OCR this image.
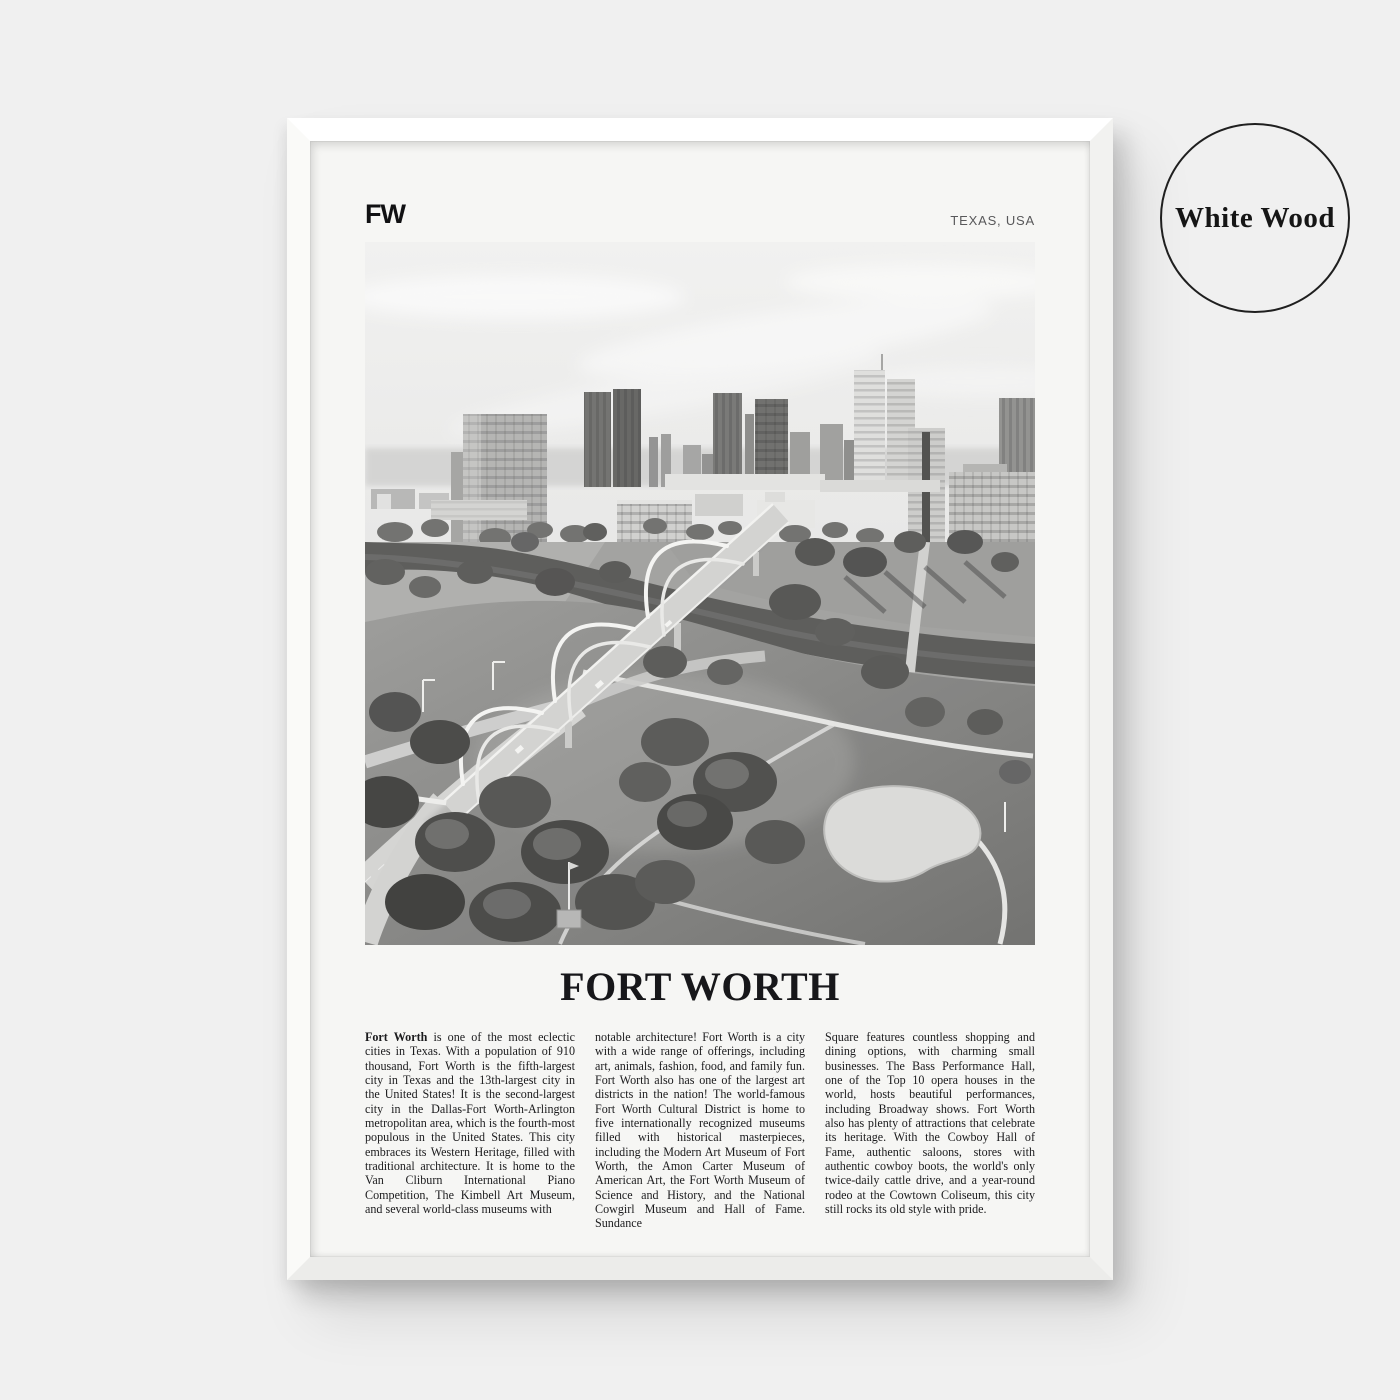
FW	TEXAS, USA
FORT WORTH

Fort Worth is one of the most eclectic cities in Texas. With a population of 910 thousand, Fort Worth is the fifth-largest city in Texas and the 13th-largest city in the United States! It is the second-largest city in the Dallas-Fort Worth-Arlington metropolitan area, which is the fourth-most populous in the United States. This city embraces its Western Heritage, filled with traditional architecture. It is home to the Van Cliburn International Piano Competition, The Kimbell Art Museum, and several world-class museums with

notable architecture! Fort Worth is a city with a wide range of offerings, including art, animals, fashion, food, and family fun. Fort Worth also has one of the largest art districts in the nation! The world-famous Fort Worth Cultural District is home to five internationally recognized museums filled with historical masterpieces, including the Modern Art Museum of Fort Worth, the Amon Carter Museum of American Art, the Fort Worth Museum of Science and History, and the National Cowgirl Museum and Hall of Fame. Sundance

Square features countless shopping and dining options, with charming small businesses. The Bass Performance Hall, one of the Top 10 opera houses in the world, hosts beautiful performances, including Broadway shows. Fort Worth also has plenty of attractions that celebrate its heritage. With the Cowboy Hall of Fame, authentic saloons, stores with authentic cowboy boots, the world's only twice-daily cattle drive, and a year-round rodeo at the Cowtown Coliseum, this city still rocks its old style with pride.

White Wood
